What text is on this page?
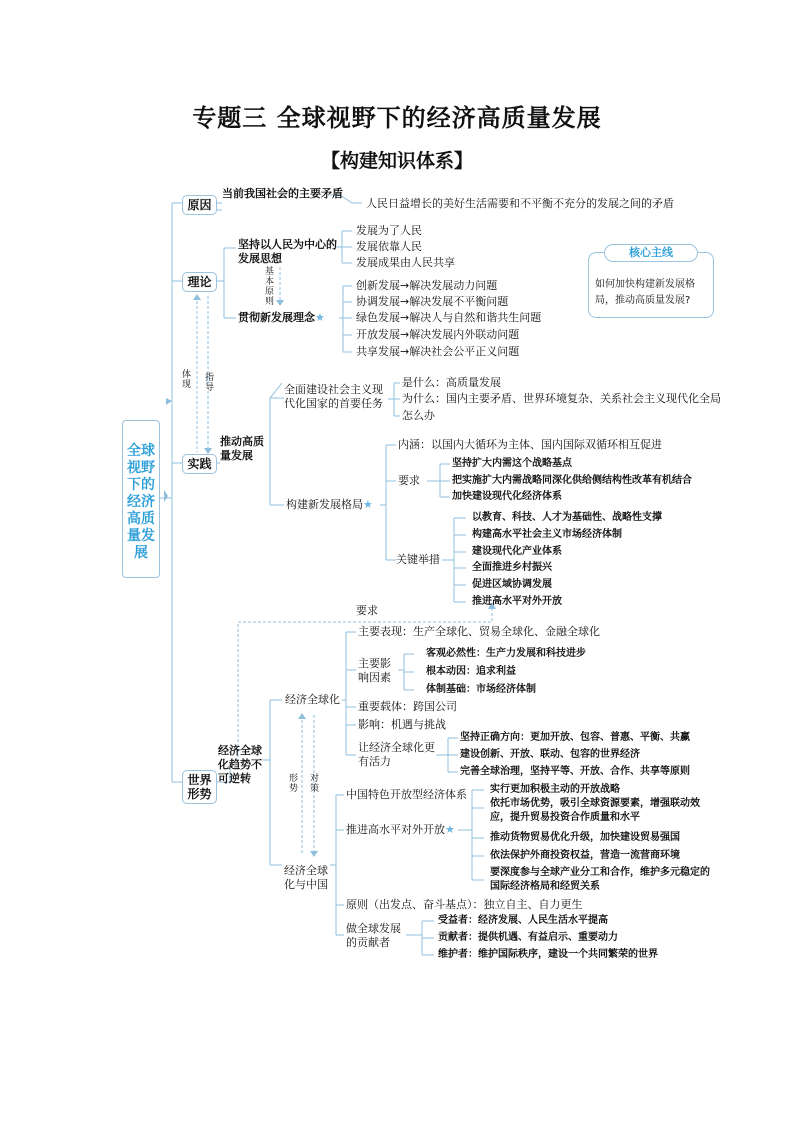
专题三 全球视野下的经济高质量发展
【构建知识体系】
如何加快构建新发展格局，推动高质量发展?
核心主线
全球视野下的经济高质量发展
原因
当前我国社会的主要矛盾
人民日益增长的美好生活需要和不平衡不充分的发展之间的矛盾
理论
坚持以人民为中心的发展思想
发展为了人民
发展依靠人民
发展成果由人民共享
基本原则
贯彻新发展理念★
创新发展→解决发展动力问题
协调发展→解决发展不平衡问题
绿色发展→解决人与自然和谐共生问题
开放发展→解决发展内外联动问题
共享发展→解决社会公平正义问题
体现
指导
实践
推动高质量发展
全面建设社会主义现代化国家的首要任务
是什么：高质量发展
为什么：国内主要矛盾、世界环境复杂、关系社会主义现代化全局
怎么办
构建新发展格局★
内涵：以国内大循环为主体、国内国际双循环相互促进
要求
坚持扩大内需这个战略基点
把实施扩大内需战略同深化供给侧结构性改革有机结合
加快建设现代化经济体系
关键举措
以教育、科技、人才为基础性、战略性支撑
构建高水平社会主义市场经济体制
建设现代化产业体系
全面推进乡村振兴
促进区域协调发展
推进高水平对外开放
要求
世界形势
经济全球化趋势不可逆转
经济全球化
主要表现：生产全球化、贸易全球化、金融全球化
主要影响因素
客观必然性：生产力发展和科技进步
根本动因：追求利益
体制基础：市场经济体制
重要载体：跨国公司
影响：机遇与挑战
让经济全球化更有活力
坚持正确方向：更加开放、包容、普惠、平衡、共赢
建设创新、开放、联动、包容的世界经济
完善全球治理，坚持平等、开放、合作、共享等原则
形势
对策
经济全球化与中国
中国特色开放型经济体系
推进高水平对外开放★
实行更加积极主动的开放战略
依托市场优势，吸引全球资源要素，增强联动效应，提升贸易投资合作质量和水平
推动货物贸易优化升级，加快建设贸易强国
依法保护外商投资权益，营造一流营商环境
要深度参与全球产业分工和合作，维护多元稳定的国际经济格局和经贸关系
原则（出发点、奋斗基点）：独立自主、自力更生
做全球发展的贡献者
受益者：经济发展、人民生活水平提高
贡献者：提供机遇、有益启示、重要动力
维护者：维护国际秩序，建设一个共同繁荣的世界
